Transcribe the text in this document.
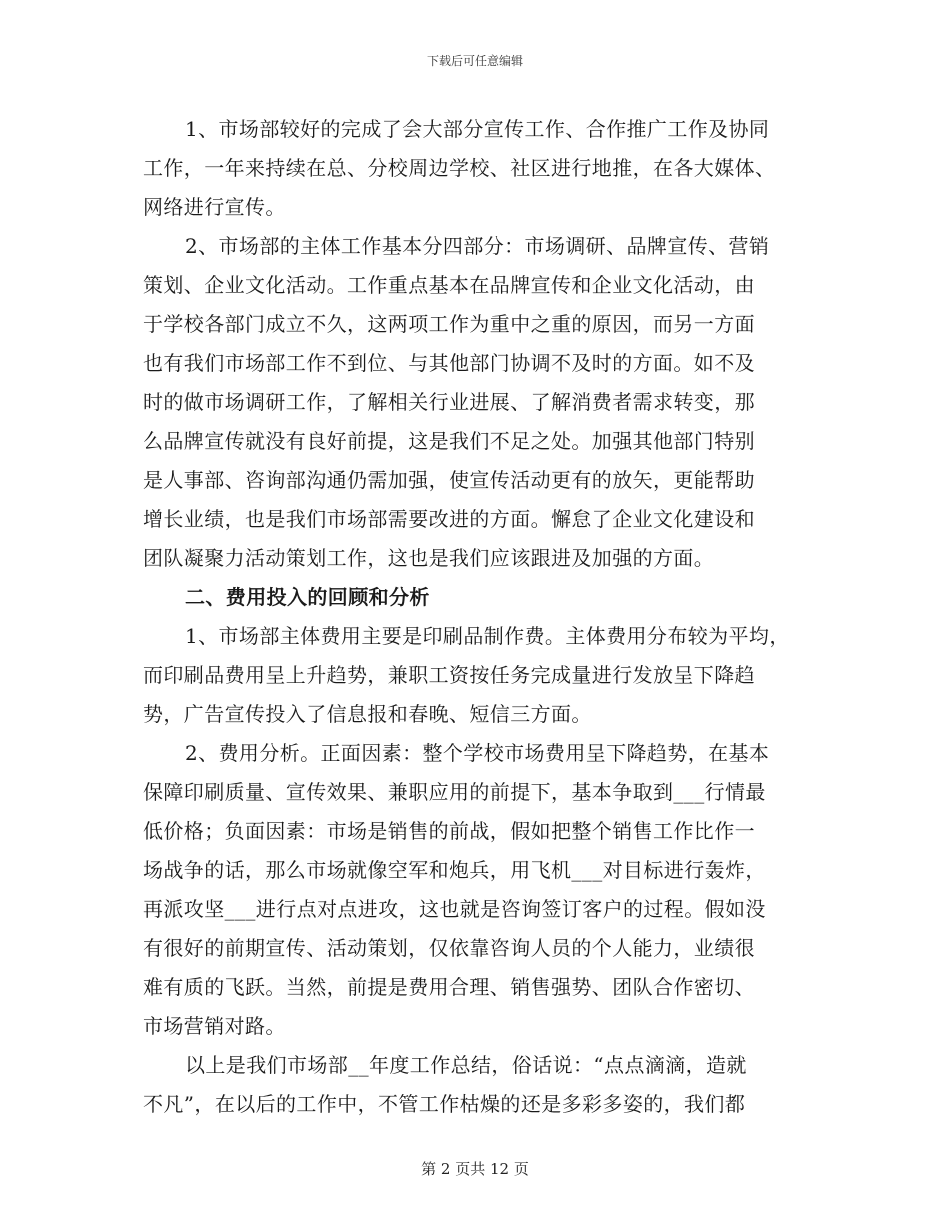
下载后可任意编辑
1、市场部较好的完成了会大部分宣传工作、合作推广工作及协同
工作，一年来持续在总、分校周边学校、社区进行地推，在各大媒体、
网络进行宣传。
2、市场部的主体工作基本分四部分：市场调研、品牌宣传、营销
策划、企业文化活动。工作重点基本在品牌宣传和企业文化活动，由
于学校各部门成立不久，这两项工作为重中之重的原因，而另一方面
也有我们市场部工作不到位、与其他部门协调不及时的方面。如不及
时的做市场调研工作，了解相关行业进展、了解消费者需求转变，那
么品牌宣传就没有良好前提，这是我们不足之处。加强其他部门特别
是人事部、咨询部沟通仍需加强，使宣传活动更有的放矢，更能帮助
增长业绩，也是我们市场部需要改进的方面。懈怠了企业文化建设和
团队凝聚力活动策划工作，这也是我们应该跟进及加强的方面。
二、费用投入的回顾和分析
1、市场部主体费用主要是印刷品制作费。主体费用分布较为平均，
而印刷品费用呈上升趋势，兼职工资按任务完成量进行发放呈下降趋
势，广告宣传投入了信息报和春晚、短信三方面。
2、费用分析。正面因素：整个学校市场费用呈下降趋势，在基本
保障印刷质量、宣传效果、兼职应用的前提下，基本争取到___行情最
低价格；负面因素：市场是销售的前战，假如把整个销售工作比作一
场战争的话，那么市场就像空军和炮兵，用飞机___对目标进行轰炸，
再派攻坚___进行点对点进攻，这也就是咨询签订客户的过程。假如没
有很好的前期宣传、活动策划，仅依靠咨询人员的个人能力，业绩很
难有质的飞跃。当然，前提是费用合理、销售强势、团队合作密切、
市场营销对路。
以上是我们市场部__年度工作总结，俗话说：“点点滴滴，造就
不凡”，在以后的工作中，不管工作枯燥的还是多彩多姿的，我们都
第 2 页共 12 页
